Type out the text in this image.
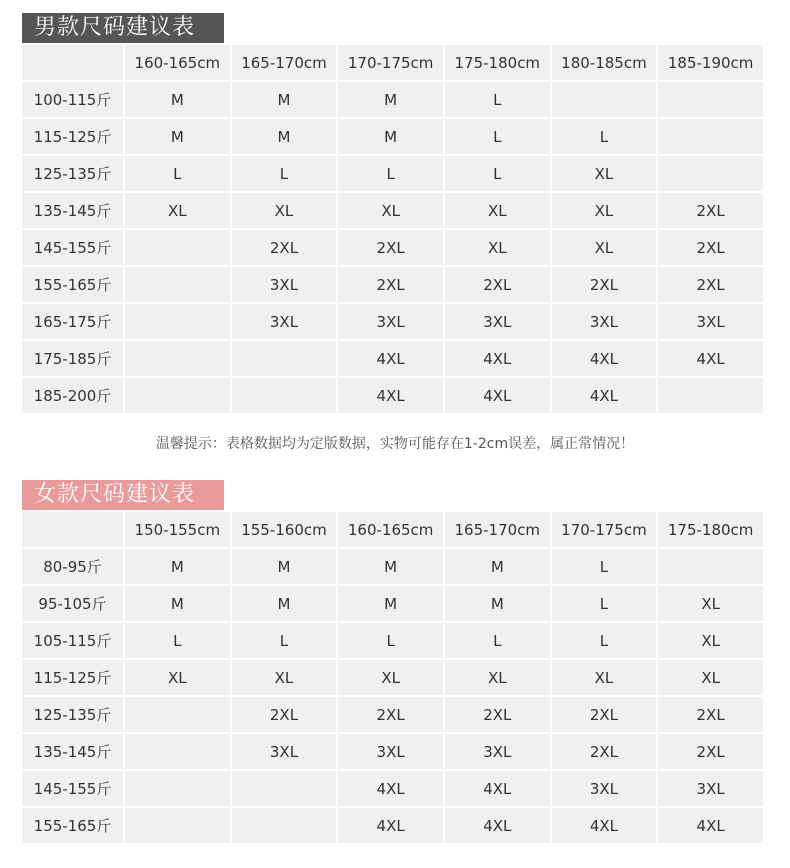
男款尺码建议表
	160-165cm	165-170cm	170-175cm	175-180cm	180-185cm	185-190cm
100-115斤	M	M	M	L		
115-125斤	M	M	M	L	L	
125-135斤	L	L	L	L	XL	
135-145斤	XL	XL	XL	XL	XL	2XL
145-155斤		2XL	2XL	XL	XL	2XL
155-165斤		3XL	2XL	2XL	2XL	2XL
165-175斤		3XL	3XL	3XL	3XL	3XL
175-185斤			4XL	4XL	4XL	4XL
185-200斤			4XL	4XL	4XL	
温馨提示：表格数据均为定版数据，实物可能存在1-2cm误差，属正常情况！
女款尺码建议表
	150-155cm	155-160cm	160-165cm	165-170cm	170-175cm	175-180cm
80-95斤	M	M	M	M	L	
95-105斤	M	M	M	M	L	XL
105-115斤	L	L	L	L	L	XL
115-125斤	XL	XL	XL	XL	XL	XL
125-135斤		2XL	2XL	2XL	2XL	2XL
135-145斤		3XL	3XL	3XL	2XL	2XL
145-155斤			4XL	4XL	3XL	3XL
155-165斤			4XL	4XL	4XL	4XL
